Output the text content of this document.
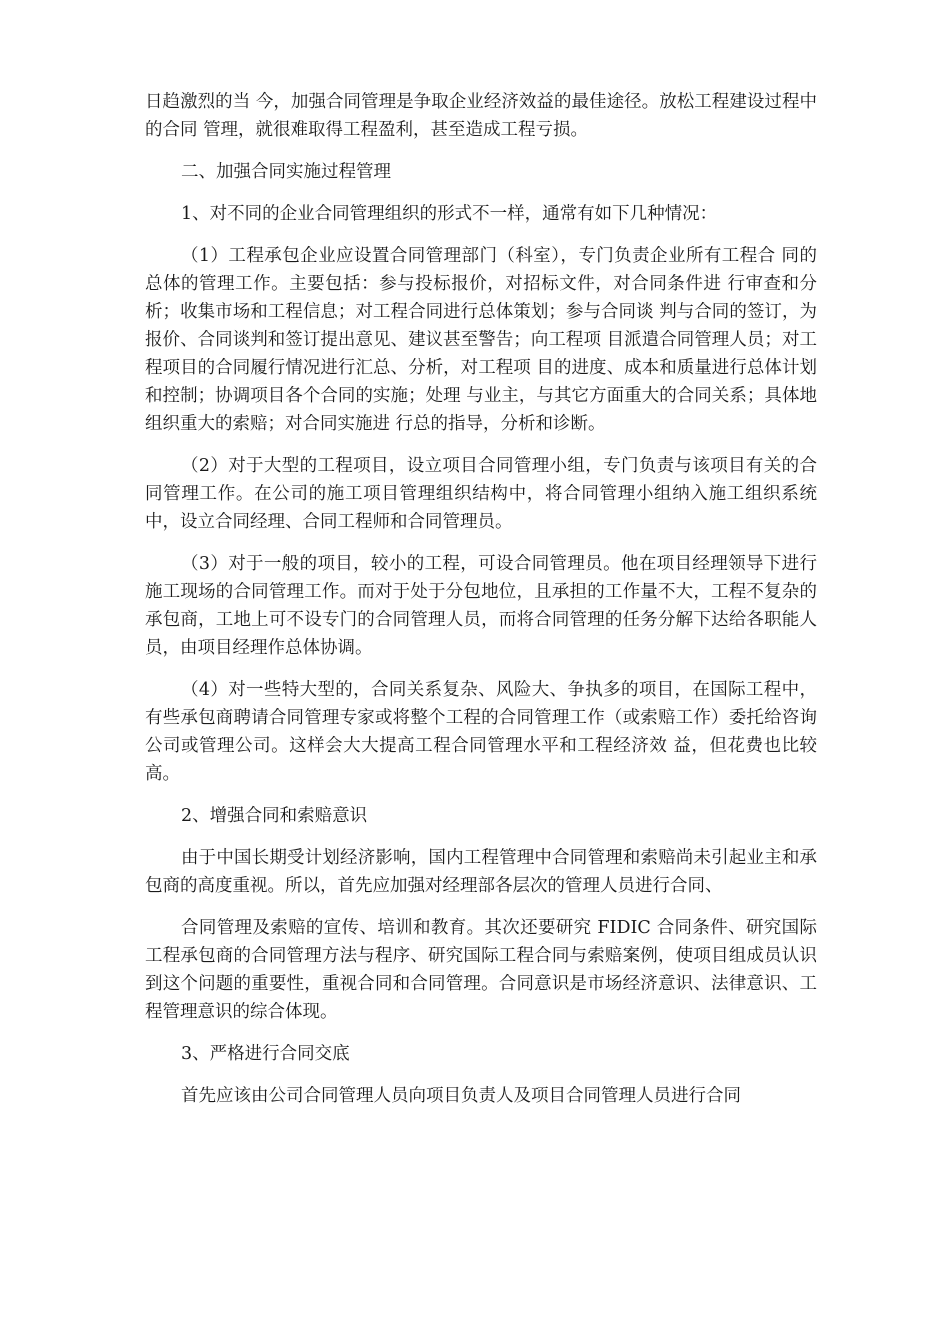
日趋激烈的当 今，加强合同管理是争取企业经济效益的最佳途径。放松工程建设过程中的合同 管理，就很难取得工程盈利，甚至造成工程亏损。

二、加强合同实施过程管理

1、对不同的企业合同管理组织的形式不一样，通常有如下几种情况：

（1）工程承包企业应设置合同管理部门（科室），专门负责企业所有工程合 同的总体的管理工作。主要包括：参与投标报价，对招标文件，对合同条件进 行审查和分析；收集市场和工程信息；对工程合同进行总体策划；参与合同谈 判与合同的签订，为报价、合同谈判和签订提出意见、建议甚至警告；向工程项 目派遣合同管理人员；对工程项目的合同履行情况进行汇总、分析，对工程项 目的进度、成本和质量进行总体计划和控制；协调项目各个合同的实施；处理 与业主，与其它方面重大的合同关系；具体地组织重大的索赔；对合同实施进 行总的指导，分析和诊断。

（2）对于大型的工程项目，设立项目合同管理小组，专门负责与该项目有关的合同管理工作。在公司的施工项目管理组织结构中，将合同管理小组纳入施工组织系统中，设立合同经理、合同工程师和合同管理员。

（3）对于一般的项目，较小的工程，可设合同管理员。他在项目经理领导下进行施工现场的合同管理工作。而对于处于分包地位，且承担的工作量不大，工程不复杂的承包商，工地上可不设专门的合同管理人员，而将合同管理的任务分解下达给各职能人员，由项目经理作总体协调。

（4）对一些特大型的，合同关系复杂、风险大、争执多的项目，在国际工程中，有些承包商聘请合同管理专家或将整个工程的合同管理工作（或索赔工作）委托给咨询公司或管理公司。这样会大大提高工程合同管理水平和工程经济效 益，但花费也比较高。

2、增强合同和索赔意识

由于中国长期受计划经济影响，国内工程管理中合同管理和索赔尚未引起业主和承包商的高度重视。所以，首先应加强对经理部各层次的管理人员进行合同、

合同管理及索赔的宣传、培训和教育。其次还要研究 FIDIC 合同条件、研究国际工程承包商的合同管理方法与程序、研究国际工程合同与索赔案例，使项目组成员认识到这个问题的重要性，重视合同和合同管理。合同意识是市场经济意识、法律意识、工程管理意识的综合体现。

3、严格进行合同交底

首先应该由公司合同管理人员向项目负责人及项目合同管理人员进行合同
